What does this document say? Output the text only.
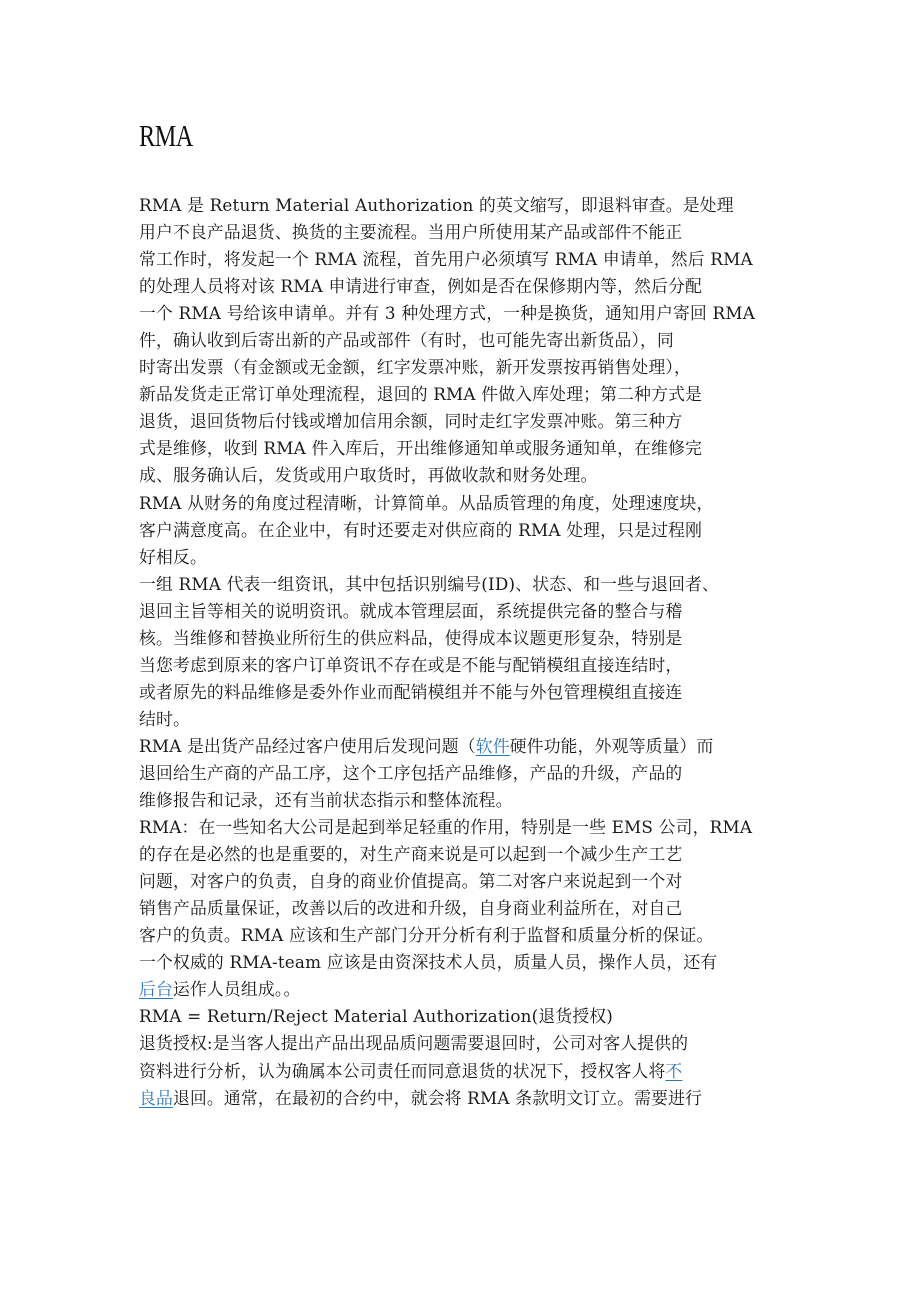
RMA
RMA 是 Return Material Authorization 的英文缩写，即退料审查。是处理
用户不良产品退货、换货的主要流程。当用户所使用某产品或部件不能正
常工作时，将发起一个 RMA 流程，首先用户必须填写 RMA 申请单，然后 RMA
的处理人员将对该 RMA 申请进行审查，例如是否在保修期内等，然后分配
一个 RMA 号给该申请单。并有 3 种处理方式，一种是换货，通知用户寄回 RMA
件，确认收到后寄出新的产品或部件（有时，也可能先寄出新货品），同
时寄出发票（有金额或无金额，红字发票冲账，新开发票按再销售处理），
新品发货走正常订单处理流程，退回的 RMA 件做入库处理；第二种方式是
退货，退回货物后付钱或增加信用余额，同时走红字发票冲账。第三种方
式是维修，收到 RMA 件入库后，开出维修通知单或服务通知单，在维修完
成、服务确认后，发货或用户取货时，再做收款和财务处理。
RMA 从财务的角度过程清晰，计算简单。从品质管理的角度，处理速度块，
客户满意度高。在企业中，有时还要走对供应商的 RMA 处理，只是过程刚
好相反。
一组 RMA 代表一组资讯，其中包括识别编号(ID)、状态、和一些与退回者、
退回主旨等相关的说明资讯。就成本管理层面，系统提供完备的整合与稽
核。当维修和替换业所衍生的供应料品，使得成本议题更形复杂，特别是
当您考虑到原来的客户订单资讯不存在或是不能与配销模组直接连结时，
或者原先的料品维修是委外作业而配销模组并不能与外包管理模组直接连
结时。
RMA 是出货产品经过客户使用后发现问题（软件硬件功能，外观等质量）而
退回给生产商的产品工序，这个工序包括产品维修，产品的升级，产品的
维修报告和记录，还有当前状态指示和整体流程。
RMA：在一些知名大公司是起到举足轻重的作用，特别是一些 EMS 公司，RMA
的存在是必然的也是重要的，对生产商来说是可以起到一个减少生产工艺
问题，对客户的负责，自身的商业价值提高。第二对客户来说起到一个对
销售产品质量保证，改善以后的改进和升级，自身商业利益所在，对自己
客户的负责。RMA 应该和生产部门分开分析有利于监督和质量分析的保证。
一个权威的 RMA-team 应该是由资深技术人员，质量人员，操作人员，还有
后台运作人员组成。。
RMA = Return/Reject Material Authorization(退货授权)
退货授权:是当客人提出产品出现品质问题需要退回时，公司对客人提供的
资料进行分析，认为确属本公司责任而同意退货的状况下，授权客人将不
良品退回。通常，在最初的合约中，就会将 RMA 条款明文订立。需要进行
